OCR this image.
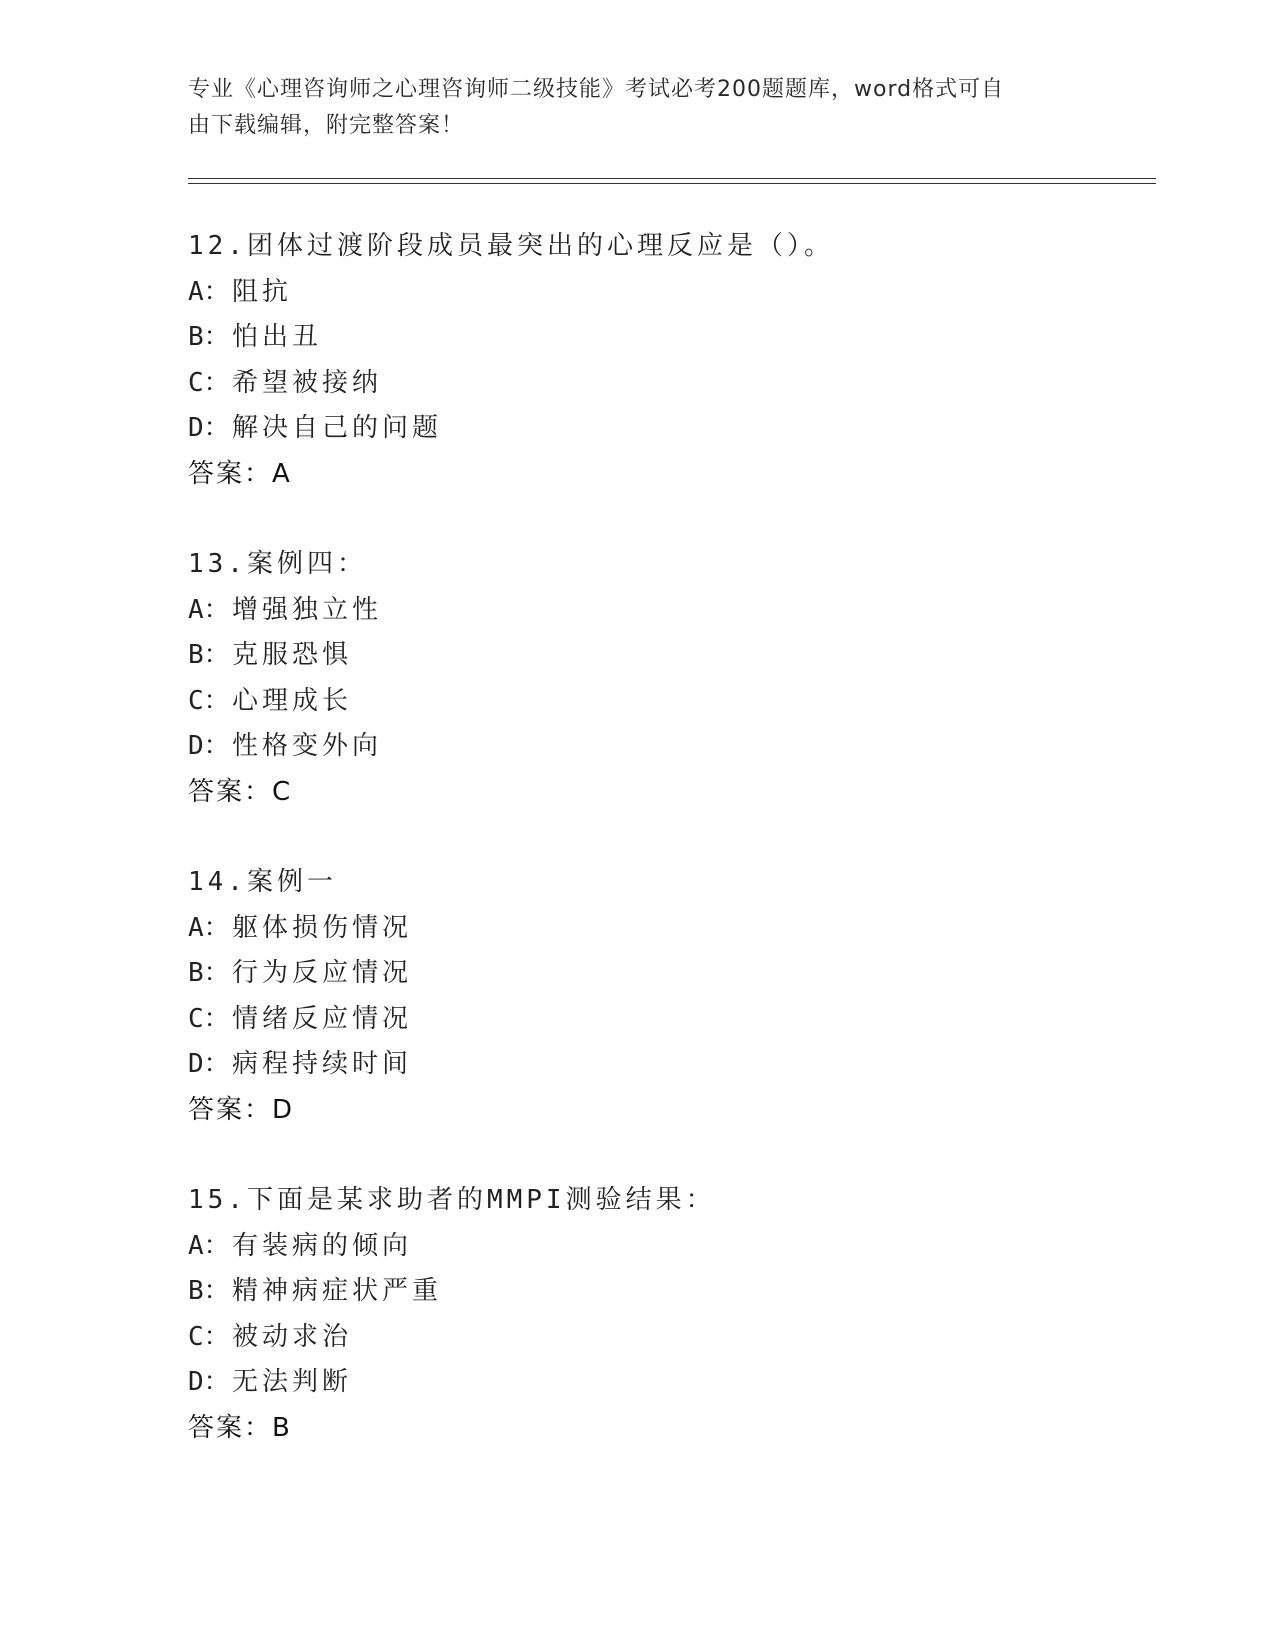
专业《心理咨询师之心理咨询师二级技能》考试必考200题题库，word格式可自
由下载编辑，附完整答案！
12.团体过渡阶段成员最突出的心理反应是（）。
A：阻抗
B：怕出丑
C：希望被接纳
D：解决自己的问题
答案：A
13.案例四：
A：增强独立性
B：克服恐惧
C：心理成长
D：性格变外向
答案：C
14.案例一
A：躯体损伤情况
B：行为反应情况
C：情绪反应情况
D：病程持续时间
答案：D
15.下面是某求助者的MMPI测验结果：
A：有装病的倾向
B：精神病症状严重
C：被动求治
D：无法判断
答案：B
